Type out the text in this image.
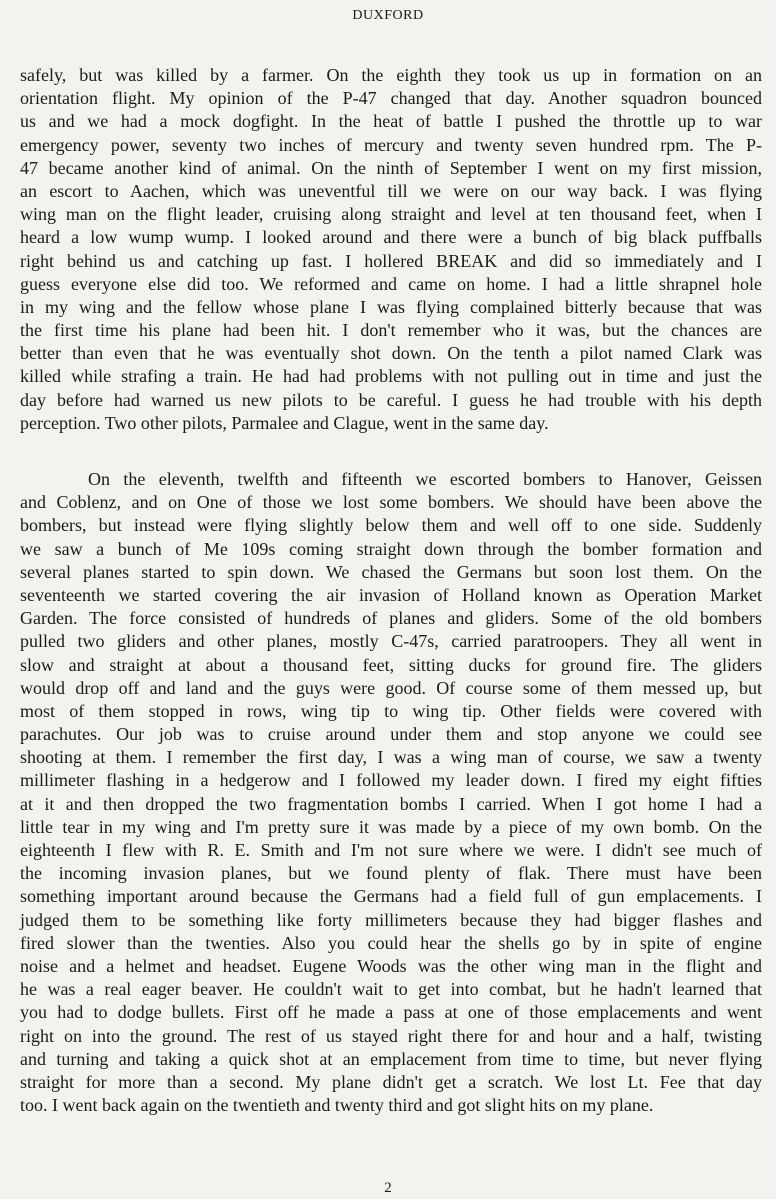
DUXFORD
safely, but was killed by a farmer. On the eighth they took us up in formation on an
orientation flight. My opinion of the P-47 changed that day. Another squadron bounced
us and we had a mock dogfight. In the heat of battle I pushed the throttle up to war
emergency power, seventy two inches of mercury and twenty seven hundred rpm. The P-
47 became another kind of animal. On the ninth of September I went on my first mission,
an escort to Aachen, which was uneventful till we were on our way back. I was flying
wing man on the flight leader, cruising along straight and level at ten thousand feet, when I
heard a low wump wump. I looked around and there were a bunch of big black puffballs
right behind us and catching up fast. I hollered BREAK and did so immediately and I
guess everyone else did too. We reformed and came on home. I had a little shrapnel hole
in my wing and the fellow whose plane I was flying complained bitterly because that was
the first time his plane had been hit. I don't remember who it was, but the chances are
better than even that he was eventually shot down. On the tenth a pilot named Clark was
killed while strafing a train. He had had problems with not pulling out in time and just the
day before had warned us new pilots to be careful. I guess he had trouble with his depth
perception. Two other pilots, Parmalee and Clague, went in the same day.
On the eleventh, twelfth and fifteenth we escorted bombers to Hanover, Geissen
and Coblenz, and on One of those we lost some bombers. We should have been above the
bombers, but instead were flying slightly below them and well off to one side. Suddenly
we saw a bunch of Me 109s coming straight down through the bomber formation and
several planes started to spin down. We chased the Germans but soon lost them. On the
seventeenth we started covering the air invasion of Holland known as Operation Market
Garden. The force consisted of hundreds of planes and gliders. Some of the old bombers
pulled two gliders and other planes, mostly C-47s, carried paratroopers. They all went in
slow and straight at about a thousand feet, sitting ducks for ground fire. The gliders
would drop off and land and the guys were good. Of course some of them messed up, but
most of them stopped in rows, wing tip to wing tip. Other fields were covered with
parachutes. Our job was to cruise around under them and stop anyone we could see
shooting at them. I remember the first day, I was a wing man of course, we saw a twenty
millimeter flashing in a hedgerow and I followed my leader down. I fired my eight fifties
at it and then dropped the two fragmentation bombs I carried. When I got home I had a
little tear in my wing and I'm pretty sure it was made by a piece of my own bomb. On the
eighteenth I flew with R. E. Smith and I'm not sure where we were. I didn't see much of
the incoming invasion planes, but we found plenty of flak. There must have been
something important around because the Germans had a field full of gun emplacements. I
judged them to be something like forty millimeters because they had bigger flashes and
fired slower than the twenties. Also you could hear the shells go by in spite of engine
noise and a helmet and headset. Eugene Woods was the other wing man in the flight and
he was a real eager beaver. He couldn't wait to get into combat, but he hadn't learned that
you had to dodge bullets. First off he made a pass at one of those emplacements and went
right on into the ground. The rest of us stayed right there for and hour and a half, twisting
and turning and taking a quick shot at an emplacement from time to time, but never flying
straight for more than a second. My plane didn't get a scratch. We lost Lt. Fee that day
too. I went back again on the twentieth and twenty third and got slight hits on my plane.
2
